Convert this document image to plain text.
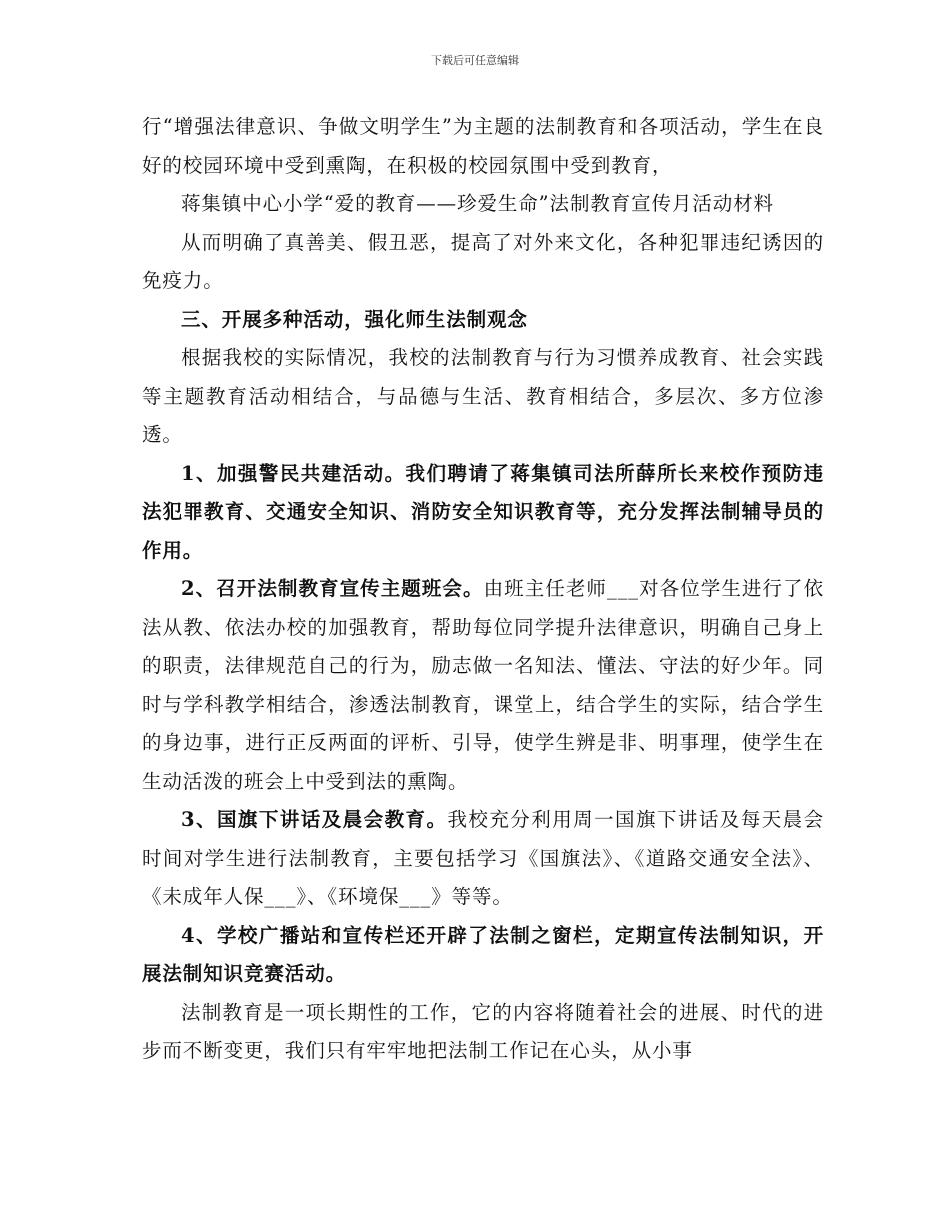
下载后可任意编辑

行“增强法律意识、争做文明学生”为主题的法制教育和各项活动，学生在良好的校园环境中受到熏陶，在积极的校园氛围中受到教育，

蒋集镇中心小学“爱的教育——珍爱生命”法制教育宣传月活动材料

从而明确了真善美、假丑恶，提高了对外来文化，各种犯罪违纪诱因的免疫力。

三、开展多种活动，强化师生法制观念

根据我校的实际情况，我校的法制教育与行为习惯养成教育、社会实践等主题教育活动相结合，与品德与生活、教育相结合，多层次、多方位渗透。

1、加强警民共建活动。我们聘请了蒋集镇司法所薛所长来校作预防违法犯罪教育、交通安全知识、消防安全知识教育等，充分发挥法制辅导员的作用。

2、召开法制教育宣传主题班会。由班主任老师___对各位学生进行了依法从教、依法办校的加强教育，帮助每位同学提升法律意识，明确自己身上的职责，法律规范自己的行为，励志做一名知法、懂法、守法的好少年。同时与学科教学相结合，渗透法制教育，课堂上，结合学生的实际，结合学生的身边事，进行正反两面的评析、引导，使学生辨是非、明事理，使学生在生动活泼的班会上中受到法的熏陶。

3、国旗下讲话及晨会教育。我校充分利用周一国旗下讲话及每天晨会时间对学生进行法制教育，主要包括学习《国旗法》、《道路交通安全法》、《未成年人保___》、《环境保___》等等。

4、学校广播站和宣传栏还开辟了法制之窗栏，定期宣传法制知识，开展法制知识竞赛活动。

法制教育是一项长期性的工作，它的内容将随着社会的进展、时代的进步而不断变更，我们只有牢牢地把法制工作记在心头，从小事
